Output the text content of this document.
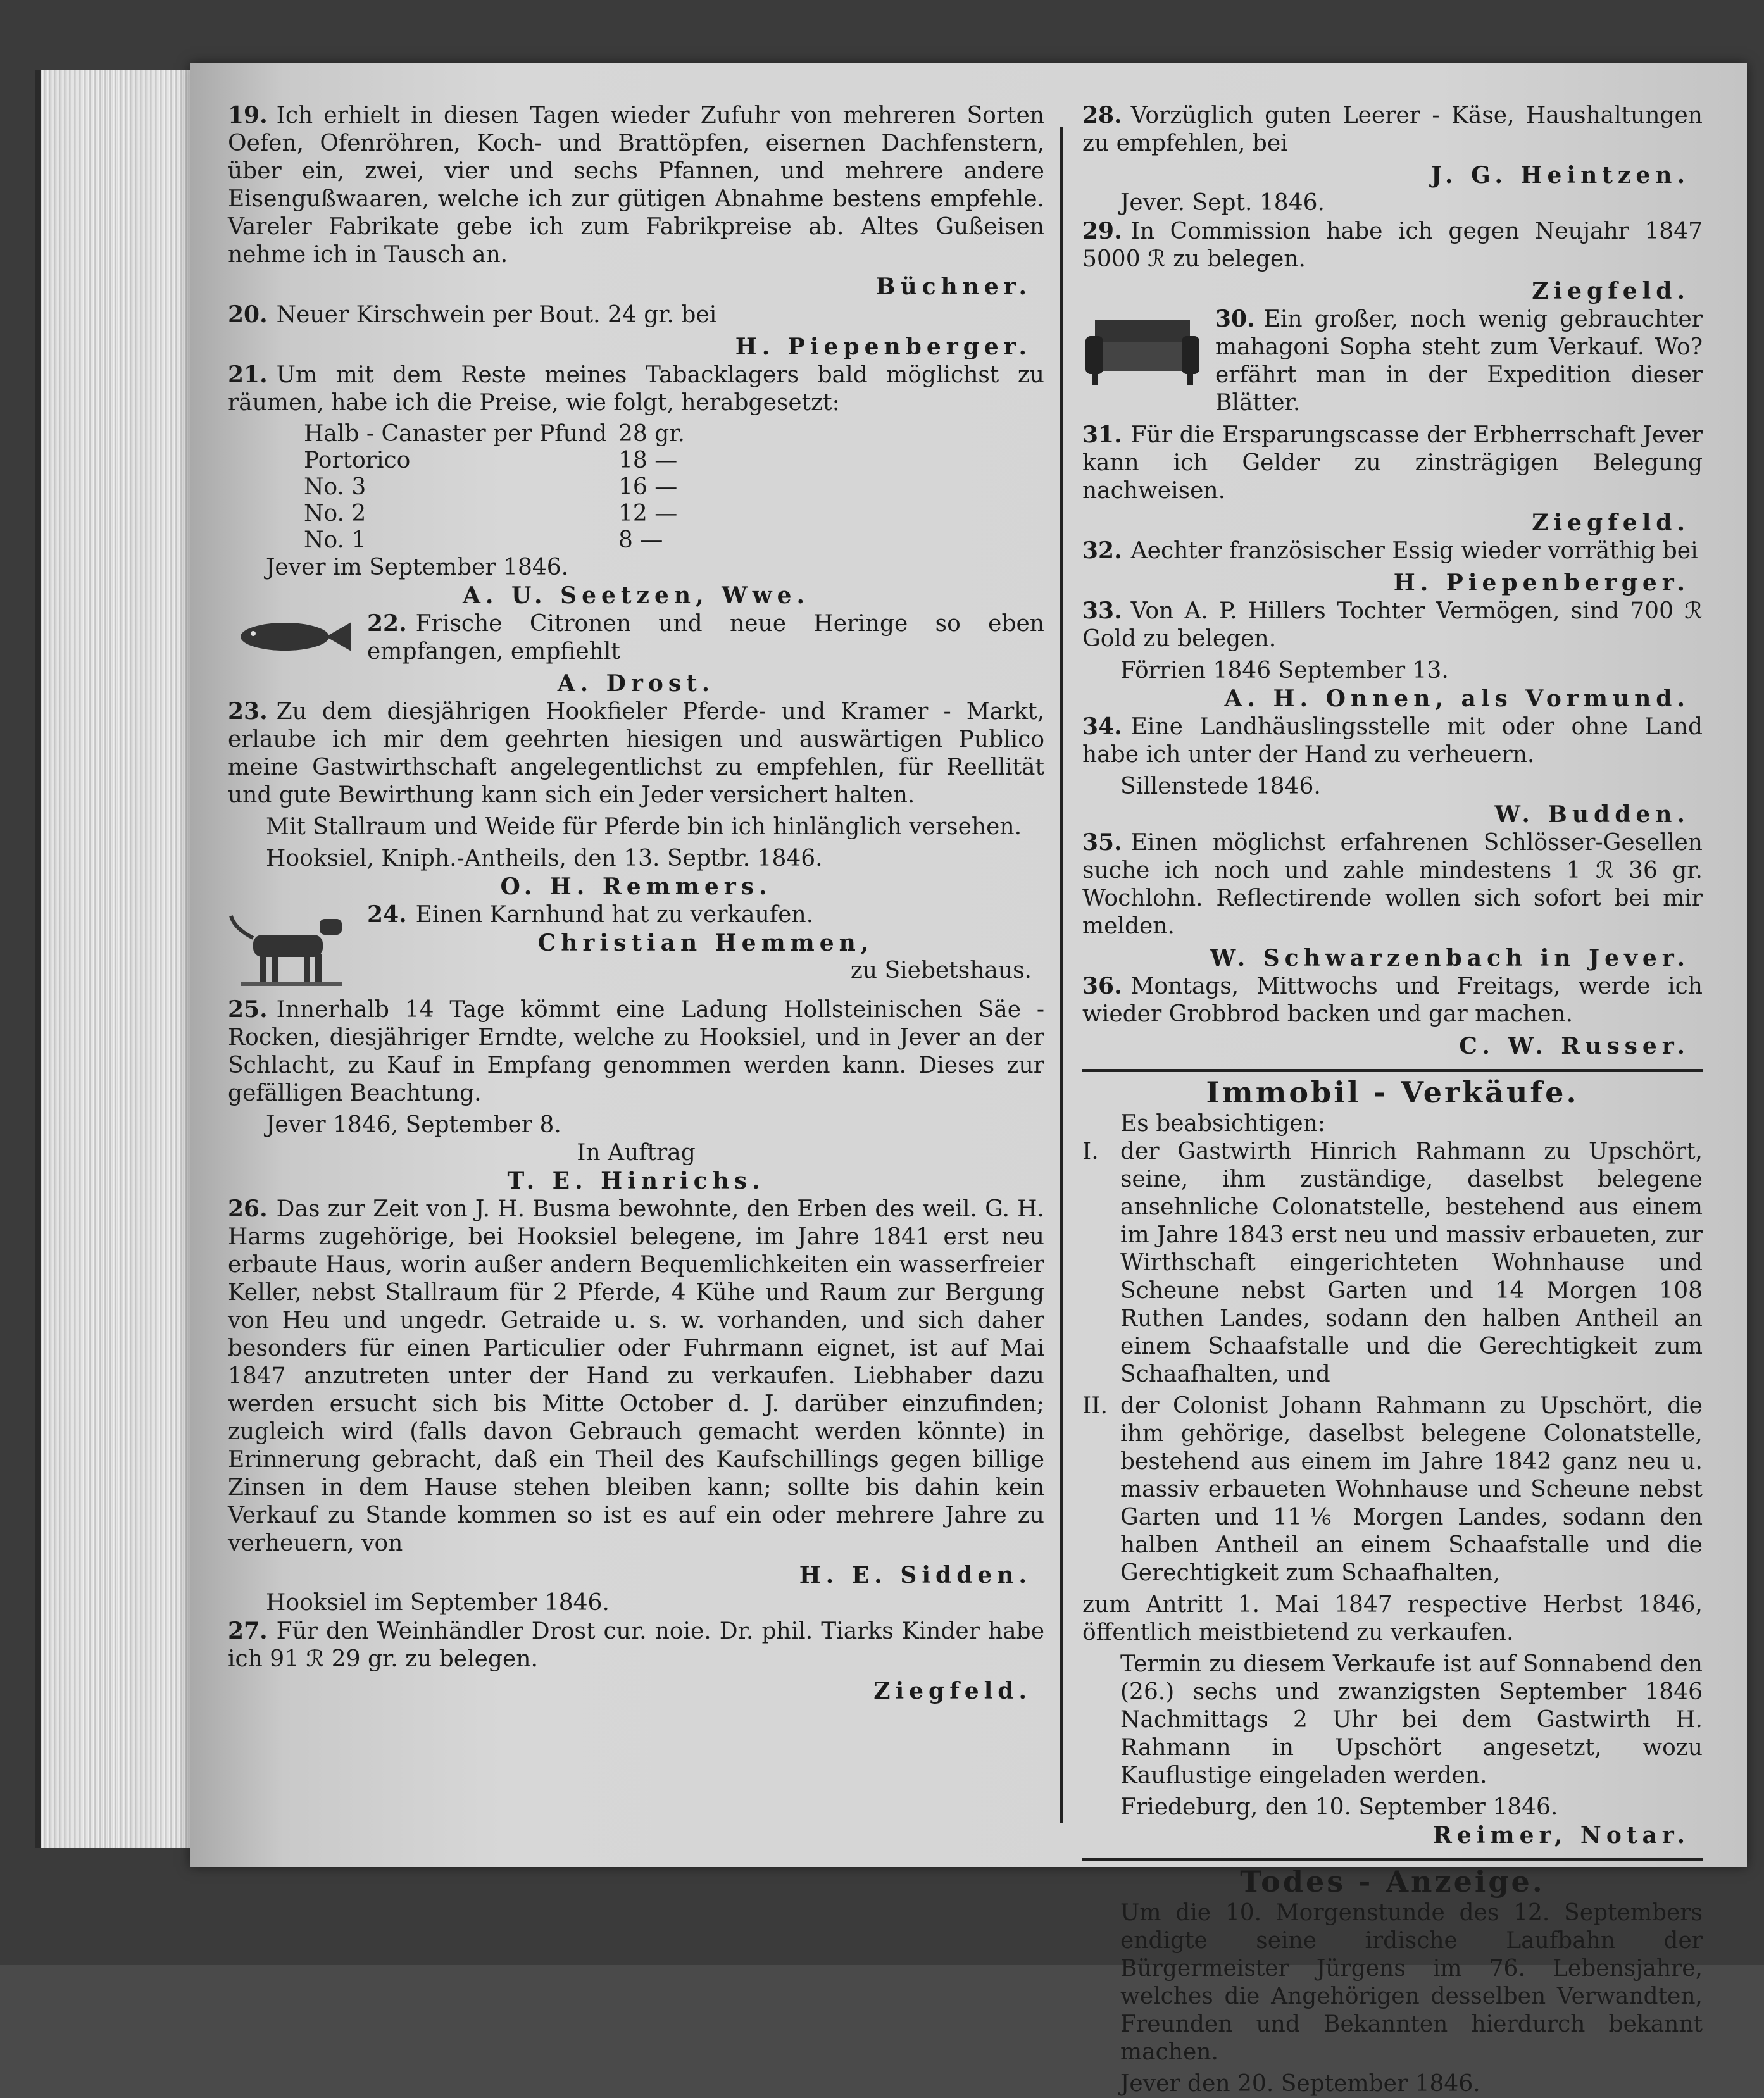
19. Ich erhielt in diesen Tagen wieder Zufuhr von mehreren Sorten Oefen, Ofenröhren, Koch- und Brattöpfen, eisernen Dachfenstern, über ein, zwei, vier und sechs Pfannen, und mehrere andere Eisengußwaaren, welche ich zur gütigen Abnahme bestens empfehle. Vareler Fabrikate gebe ich zum Fabrikpreise ab. Altes Gußeisen nehme ich in Tausch an.
Büchner.
20. Neuer Kirschwein per Bout. 24 gr. bei
H. Piepenberger.
21. Um mit dem Reste meines Tabacklagers bald möglichst zu räumen, habe ich die Preise, wie folgt, herabgesetzt:
Halb - Canaster per Pfund	28 gr.
Portorico	18 —
No. 3	16 —
No. 2	12 —
No. 1	8 —
Jever im September 1846.
A. U. Seetzen, Wwe.
22. Frische Citronen und neue Heringe so eben empfangen, empfiehlt
A. Drost.
23. Zu dem diesjährigen Hookfieler Pferde- und Kramer - Markt, erlaube ich mir dem geehrten hiesigen und auswärtigen Publico meine Gastwirthschaft angelegentlichst zu empfehlen, für Reellität und gute Bewirthung kann sich ein Jeder versichert halten.
Mit Stallraum und Weide für Pferde bin ich hinlänglich versehen.
Hooksiel, Kniph.-Antheils, den 13. Septbr. 1846.
O. H. Remmers.
24. Einen Karnhund hat zu verkaufen.
Christian Hemmen,
zu Siebetshaus.
25. Innerhalb 14 Tage kömmt eine Ladung Hollsteinischen Säe - Rocken, diesjähriger Erndte, welche zu Hooksiel, und in Jever an der Schlacht, zu Kauf in Empfang genommen werden kann. Dieses zur gefälligen Beachtung.
Jever 1846, September 8.
In Auftrag
T. E. Hinrichs.
26. Das zur Zeit von J. H. Busma bewohnte, den Erben des weil. G. H. Harms zugehörige, bei Hooksiel belegene, im Jahre 1841 erst neu erbaute Haus, worin außer andern Bequemlichkeiten ein wasserfreier Keller, nebst Stallraum für 2 Pferde, 4 Kühe und Raum zur Bergung von Heu und ungedr. Getraide u. s. w. vorhanden, und sich daher besonders für einen Particulier oder Fuhrmann eignet, ist auf Mai 1847 anzutreten unter der Hand zu verkaufen. Liebhaber dazu werden ersucht sich bis Mitte October d. J. darüber einzufinden; zugleich wird (falls davon Gebrauch gemacht werden könnte) in Erinnerung gebracht, daß ein Theil des Kaufschillings gegen billige Zinsen in dem Hause stehen bleiben kann; sollte bis dahin kein Verkauf zu Stande kommen so ist es auf ein oder mehrere Jahre zu verheuern, von
H. E. Sidden.
Hooksiel im September 1846.
27. Für den Weinhändler Drost cur. noie. Dr. phil. Tiarks Kinder habe ich 91 ℛ 29 gr. zu belegen.
Ziegfeld.
28. Vorzüglich guten Leerer - Käse, Haushaltungen zu empfehlen, bei
J. G. Heintzen.
Jever. Sept. 1846.
29. In Commission habe ich gegen Neujahr 1847 5000 ℛ zu belegen.
Ziegfeld.
30. Ein großer, noch wenig gebrauchter mahagoni Sopha steht zum Verkauf. Wo? erfährt man in der Expedition dieser Blätter.
31. Für die Ersparungscasse der Erbherrschaft Jever kann ich Gelder zu zinsträgigen Belegung nachweisen.
Ziegfeld.
32. Aechter französischer Essig wieder vorräthig bei
H. Piepenberger.
33. Von A. P. Hillers Tochter Vermögen, sind 700 ℛ Gold zu belegen.
Förrien 1846 September 13.
A. H. Onnen, als Vormund.
34. Eine Landhäuslingsstelle mit oder ohne Land habe ich unter der Hand zu verheuern.
Sillenstede 1846.
W. Budden.
35. Einen möglichst erfahrenen Schlösser-Gesellen suche ich noch und zahle mindestens 1 ℛ 36 gr. Wochlohn. Reflectirende wollen sich sofort bei mir melden.
W. Schwarzenbach in Jever.
36. Montags, Mittwochs und Freitags, werde ich wieder Grobbrod backen und gar machen.
C. W. Russer.
Immobil - Verkäufe.
Es beabsichtigen:
I. der Gastwirth Hinrich Rahmann zu Upschört, seine, ihm zuständige, daselbst belegene ansehnliche Colonatstelle, bestehend aus einem im Jahre 1843 erst neu und massiv erbaueten, zur Wirthschaft eingerichteten Wohnhause und Scheune nebst Garten und 14 Morgen 108 Ruthen Landes, sodann den halben Antheil an einem Schaafstalle und die Gerechtigkeit zum Schaafhalten, und
II. der Colonist Johann Rahmann zu Upschört, die ihm gehörige, daselbst belegene Colonatstelle, bestehend aus einem im Jahre 1842 ganz neu u. massiv erbaueten Wohnhause und Scheune nebst Garten und 11⅙ Morgen Landes, sodann den halben Antheil an einem Schaafstalle und die Gerechtigkeit zum Schaafhalten,
zum Antritt 1. Mai 1847 respective Herbst 1846, öffentlich meistbietend zu verkaufen.
Termin zu diesem Verkaufe ist auf Sonnabend den (26.) sechs und zwanzigsten September 1846 Nachmittags 2 Uhr bei dem Gastwirth H. Rahmann in Upschört angesetzt, wozu Kauflustige eingeladen werden.
Friedeburg, den 10. September 1846.
Reimer, Notar.
Todes - Anzeige.
Um die 10. Morgenstunde des 12. Septembers endigte seine irdische Laufbahn der Bürgermeister Jürgens im 76. Lebensjahre, welches die Angehörigen desselben Verwandten, Freunden und Bekannten hierdurch bekannt machen.
Jever den 20. September 1846.
